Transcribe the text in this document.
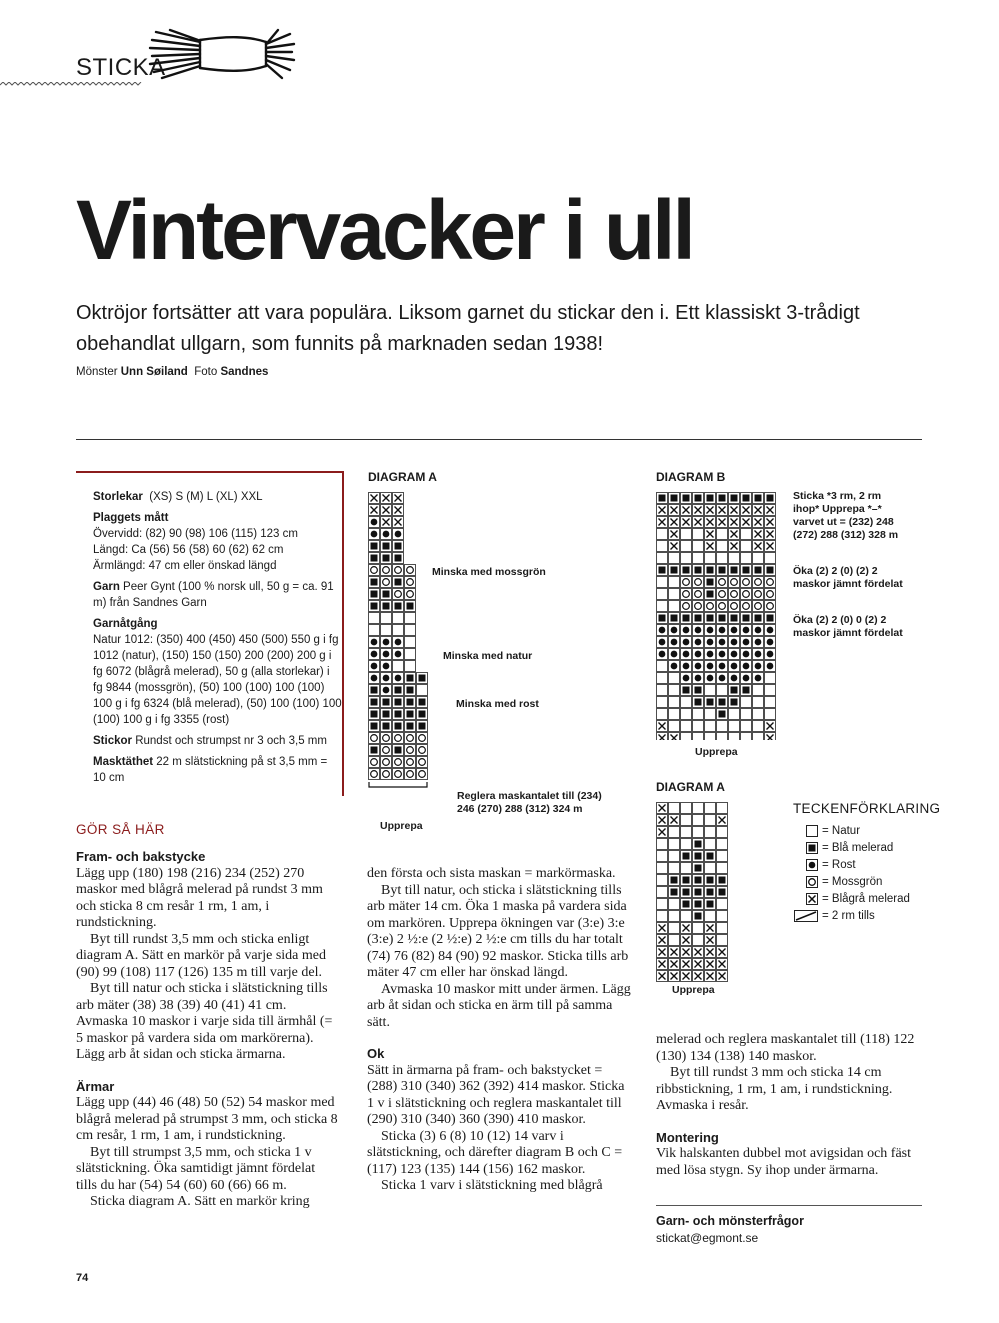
STICKA
Vintervacker i ull
Oktröjor fortsätter att vara populära. Liksom garnet du stickar den i. Ett klassiskt 3-trådigt obehandlat ullgarn, som funnits på marknaden sedan 1938!
Mönster Unn Søiland Foto Sandnes

Storlekar (XS) S (M) L (XL) XXL

Plaggets mått

Övervidd: (82) 90 (98) 106 (115) 123 cm
Längd: Ca (56) 56 (58) 60 (62) 62 cm

Ärmlängd: 47 cm eller önskad längd

Garn Peer Gynt (100 % norsk ull, 50 g = ca. 91 m) från Sandnes Garn

Garnåtgång

Natur 1012: (350) 400 (450) 450 (500) 550 g i fg 1012 (natur), (150) 150 (150) 200 (200) 200 g i fg 6072 (blågrå melerad), 50 g (alla storlekar) i fg 9844 (mossgrön), (50) 100 (100) 100 (100) 100 g i fg 6324 (blå melerad), (50) 100 (100) 100 (100) 100 g i fg 3355 (rost)

Stickor Rundst och strumpst nr 3 och 3,5 mm

Masktäthet 22 m slätstickning på st 3,5 mm = 10 cm

GÖR SÅ HÄR
Fram- och bakstycke

Lägg upp (180) 198 (216) 234 (252) 270 maskor med blågrå melerad på rundst 3 mm och sticka 8 cm resår 1 rm, 1 am, i rundstickning.

Byt till rundst 3,5 mm och sticka enligt diagram A. Sätt en markör på varje sida med (90) 99 (108) 117 (126) 135 m till varje del.

Byt till natur och sticka i slätstickning tills arb mäter (38) 38 (39) 40 (41) 41 cm. Avmaska 10 maskor i varje sida till ärmhål (= 5 maskor på vardera sida om markörerna). Lägg arb åt sidan och sticka ärmarna.

Ärmar

Lägg upp (44) 46 (48) 50 (52) 54 maskor med blågrå melerad på strumpst 3 mm, och sticka 8 cm resår, 1 rm, 1 am, i rundstickning.

Byt till strumpst 3,5 mm, och sticka 1 v slätstickning. Öka samtidigt jämnt fördelat tills du har (54) 54 (60) 60 (66) 66 m.

Sticka diagram A. Sätt en markör kring

den första och sista maskan = markörmaska.

Byt till natur, och sticka i slätstickning tills arb mäter 14 cm. Öka 1 maska på vardera sida om markören. Upprepa ökningen var (3:e) 3:e (3:e) 2 ½:e (2 ½:e) 2 ½:e cm tills du har totalt (74) 76 (82) 84 (90) 92 maskor. Sticka tills arb mäter 47 cm eller har önskad längd.

Avmaska 10 maskor mitt under ärmen. Lägg arb åt sidan och sticka en ärm till på samma sätt.

Ok

Sätt in ärmarna på fram- och bakstycket = (288) 310 (340) 362 (392) 414 maskor. Sticka 1 v i slätstickning och reglera maskantalet till (290) 310 (340) 360 (390) 410 maskor.

Sticka (3) 6 (8) 10 (12) 14 varv i slätstickning, och därefter diagram B och C = (117) 123 (135) 144 (156) 162 maskor.

Sticka 1 varv i slätstickning med blågrå

melerad och reglera maskantalet till (118) 122 (130) 134 (138) 140 maskor.

Byt till rundst 3 mm och sticka 14 cm ribbstickning, 1 rm, 1 am, i rundstickning. Avmaska i resår.

Montering

Vik halskanten dubbel mot avigsidan och fäst med lösa stygn. Sy ihop under ärmarna.

Garn- och mönsterfrågor
stickat@egmont.se
DIAGRAM A
Minska med mossgrön
Minska med natur
Minska med rost
Reglera maskantalet till (234)
246 (270) 288 (312) 324 m
Upprepa
DIAGRAM B
Sticka *3 rm, 2 rm
ihop* Upprepa *–*
varvet ut = (232) 248
(272) 288 (312) 328 m
Öka (2) 2 (0) (2) 2
maskor jämnt fördelat
Öka (2) 2 (0) 0 (2) 2
maskor jämnt fördelat
Upprepa
DIAGRAM A
Upprepa
TECKENFÖRKLARING
= Natur
= Blå melerad
= Rost
= Mossgrön
= Blågrå melerad
= 2 rm tills
74
